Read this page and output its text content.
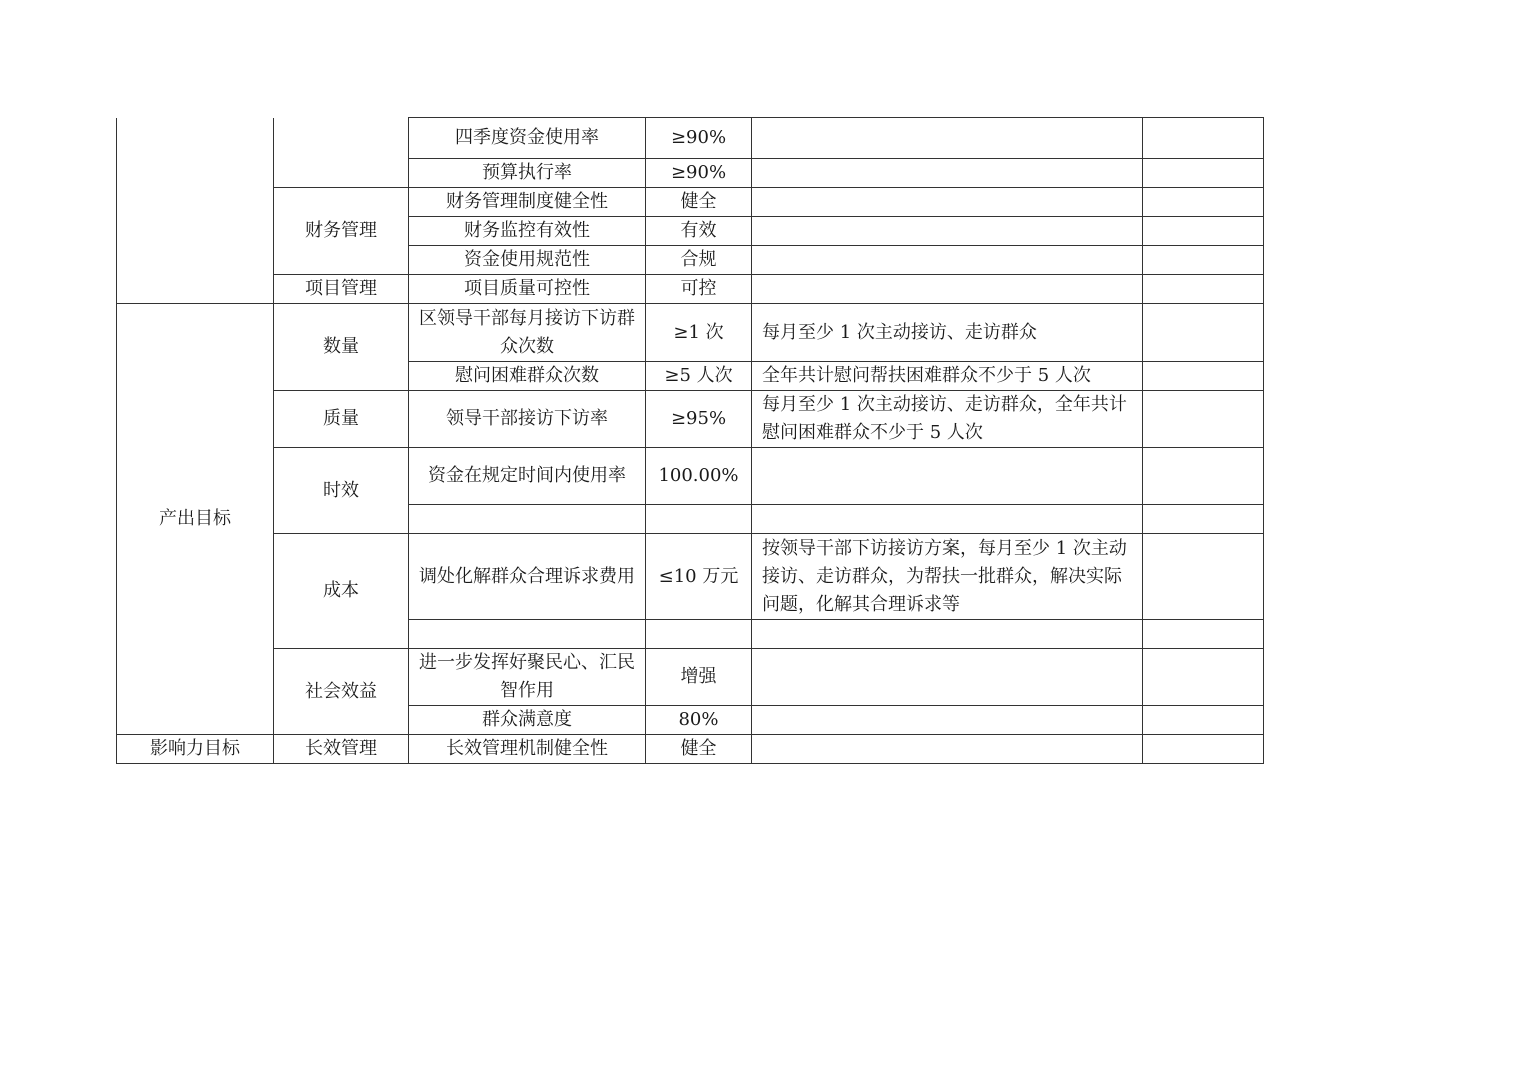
		四季度资金使用率	≥90%		
		预算执行率	≥90%		
	财务管理	财务管理制度健全性	健全		
		财务监控有效性	有效		
		资金使用规范性	合规		
	项目管理	项目质量可控性	可控		
产出目标	数量	区领导干部每月接访下访群众次数	≥1 次	每月至少 1 次主动接访、走访群众	
		慰问困难群众次数	≥5 人次	全年共计慰问帮扶困难群众不少于 5 人次	
	质量	领导干部接访下访率	≥95%	每月至少 1 次主动接访、走访群众，全年共计慰问困难群众不少于 5 人次	
	时效	资金在规定时间内使用率	100.00%		

	成本	调处化解群众合理诉求费用	≤10 万元	按领导干部下访接访方案，每月至少 1 次主动接访、走访群众，为帮扶一批群众，解决实际问题，化解其合理诉求等	

	社会效益	进一步发挥好聚民心、汇民智作用	增强		
		群众满意度	80%		
影响力目标	长效管理	长效管理机制健全性	健全		
